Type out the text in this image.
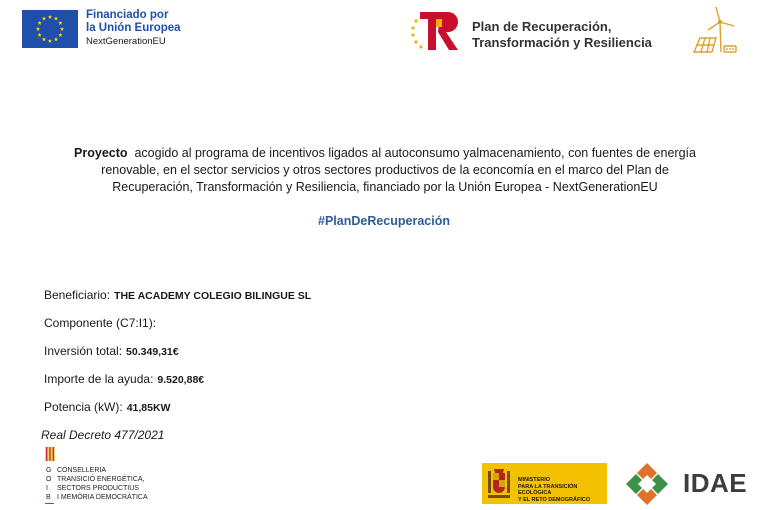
Financiado por
la Unión Europea
NextGenerationEU
Plan de Recuperación,
Transformación y Resiliencia
Proyecto acogido al programa de incentivos ligados al autoconsumo yalmacenamiento, con fuentes de energía
renovable, en el sector servicios y otros sectores productivos de la econcomía en el marco del Plan de
Recuperación, Transformación y Resiliencia, financiado por la Unión Europea - NextGenerationEU
#PlanDeRecuperación
Beneficiario: THE ACADEMY COLEGIO BILINGUE SL
Componente (C7:I1):
Inversión total: 50.349,31€
Importe de la ayuda: 9.520,88€
Potencia (kW): 41,85KW
Real Decreto 477/2021
G
O
I
B
CONSELLERIA
TRANSICIÓ ENERGÈTICA,
SECTORS PRODUCTIUS
I MEMÒRIA DEMOCRÀTICA
MINISTERIO
PARA LA TRANSICIÓN ECOLÓGICA
Y EL RETO DEMOGRÁFICO
IDAE
